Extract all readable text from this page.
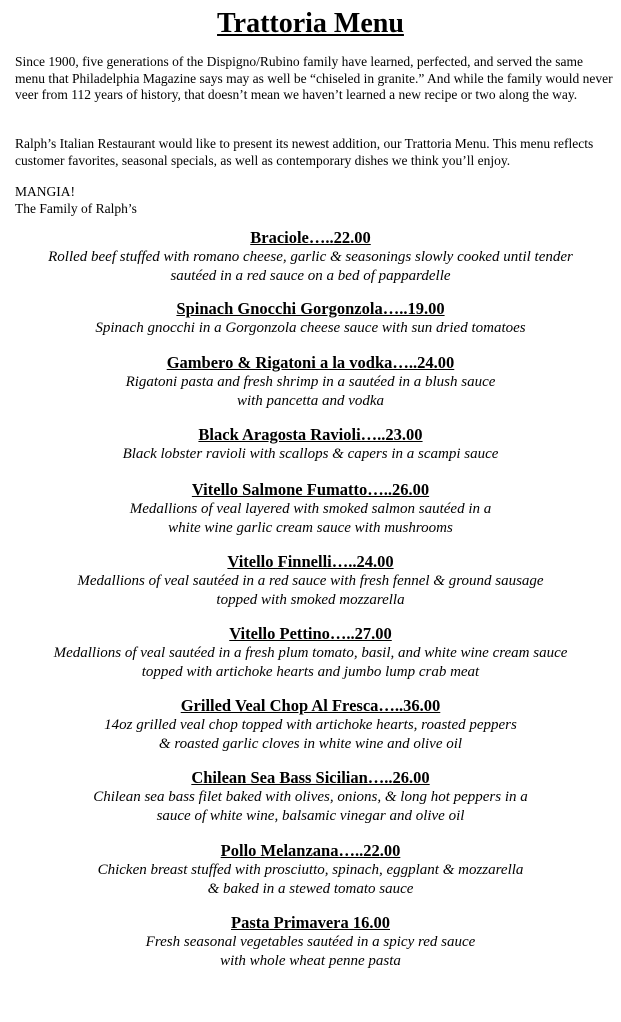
Trattoria Menu

Since 1900, five generations of the Dispigno/Rubino family have learned, perfected, and served the same menu that Philadelphia Magazine says may as well be “chiseled in granite.” And while the family would never veer from 112 years of history, that doesn’t mean we haven’t learned a new recipe or two along the way.

Ralph’s Italian Restaurant would like to present its newest addition, our Trattoria Menu. This menu reflects customer favorites, seasonal specials, as well as contemporary dishes we think you’ll enjoy.

MANGIA!
The Family of Ralph’s

Braciole…..22.00

Rolled beef stuffed with romano cheese, garlic & seasonings slowly cooked until tender
sautéed in a red sauce on a bed of pappardelle

Spinach Gnocchi Gorgonzola…..19.00

Spinach gnocchi in a Gorgonzola cheese sauce with sun dried tomatoes

Gambero & Rigatoni a la vodka…..24.00

Rigatoni pasta and fresh shrimp in a sautéed in a blush sauce
with pancetta and vodka

Black Aragosta Ravioli…..23.00

Black lobster ravioli with scallops & capers in a scampi sauce

Vitello Salmone Fumatto…..26.00

Medallions of veal layered with smoked salmon sautéed in a
white wine garlic cream sauce with mushrooms

Vitello Finnelli…..24.00

Medallions of veal sautéed in a red sauce with fresh fennel & ground sausage
topped with smoked mozzarella

Vitello Pettino…..27.00

Medallions of veal sautéed in a fresh plum tomato, basil, and white wine cream sauce
topped with artichoke hearts and jumbo lump crab meat

Grilled Veal Chop Al Fresca…..36.00

14oz grilled veal chop topped with artichoke hearts, roasted peppers
& roasted garlic cloves in white wine and olive oil

Chilean Sea Bass Sicilian…..26.00

Chilean sea bass filet baked with olives, onions, & long hot peppers in a
sauce of white wine, balsamic vinegar and olive oil

Pollo Melanzana…..22.00

Chicken breast stuffed with prosciutto, spinach, eggplant & mozzarella
& baked in a stewed tomato sauce

Pasta Primavera 16.00

Fresh seasonal vegetables sautéed in a spicy red sauce
with whole wheat penne pasta
